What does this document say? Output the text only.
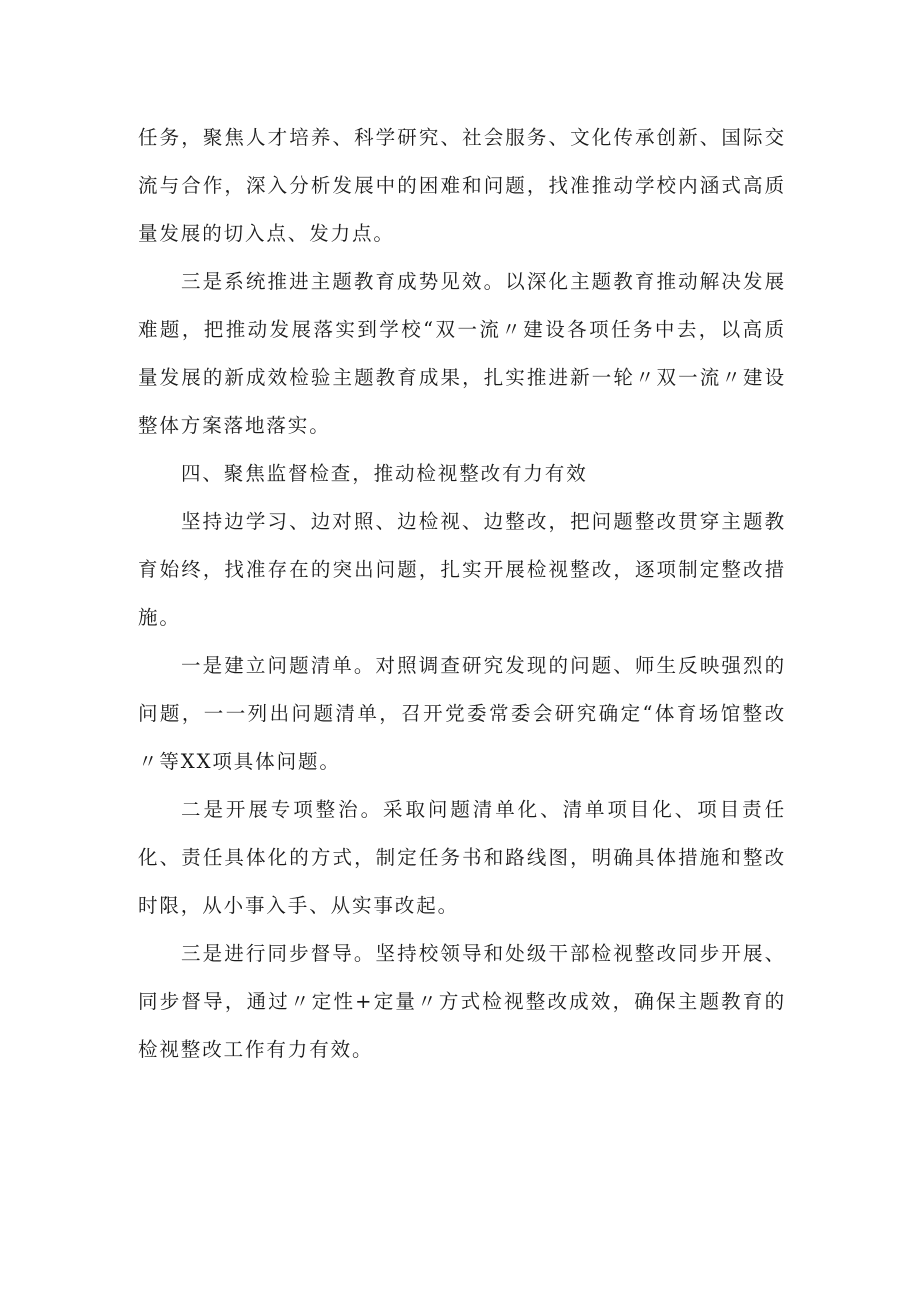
任务，聚焦人才培养、科学研究、社会服务、文化传承创新、国际交流与合作，深入分析发展中的困难和问题，找准推动学校内涵式高质量发展的切入点、发力点。

三是系统推进主题教育成势见效。以深化主题教育推动解决发展难题，把推动发展落实到学校“双一流〃建设各项任务中去，以高质量发展的新成效检验主题教育成果，扎实推进新一轮〃双一流〃建设整体方案落地落实。

四、聚焦监督检查，推动检视整改有力有效

坚持边学习、边对照、边检视、边整改，把问题整改贯穿主题教育始终，找准存在的突出问题，扎实开展检视整改，逐项制定整改措施。

一是建立问题清单。对照调查研究发现的问题、师生反映强烈的问题，一一列出问题清单，召开党委常委会研究确定“体育场馆整改〃等XX项具体问题。

二是开展专项整治。采取问题清单化、清单项目化、项目责任化、责任具体化的方式，制定任务书和路线图，明确具体措施和整改时限，从小事入手、从实事改起。

三是进行同步督导。坚持校领导和处级干部检视整改同步开展、同步督导，通过〃定性+定量〃方式检视整改成效，确保主题教育的检视整改工作有力有效。
